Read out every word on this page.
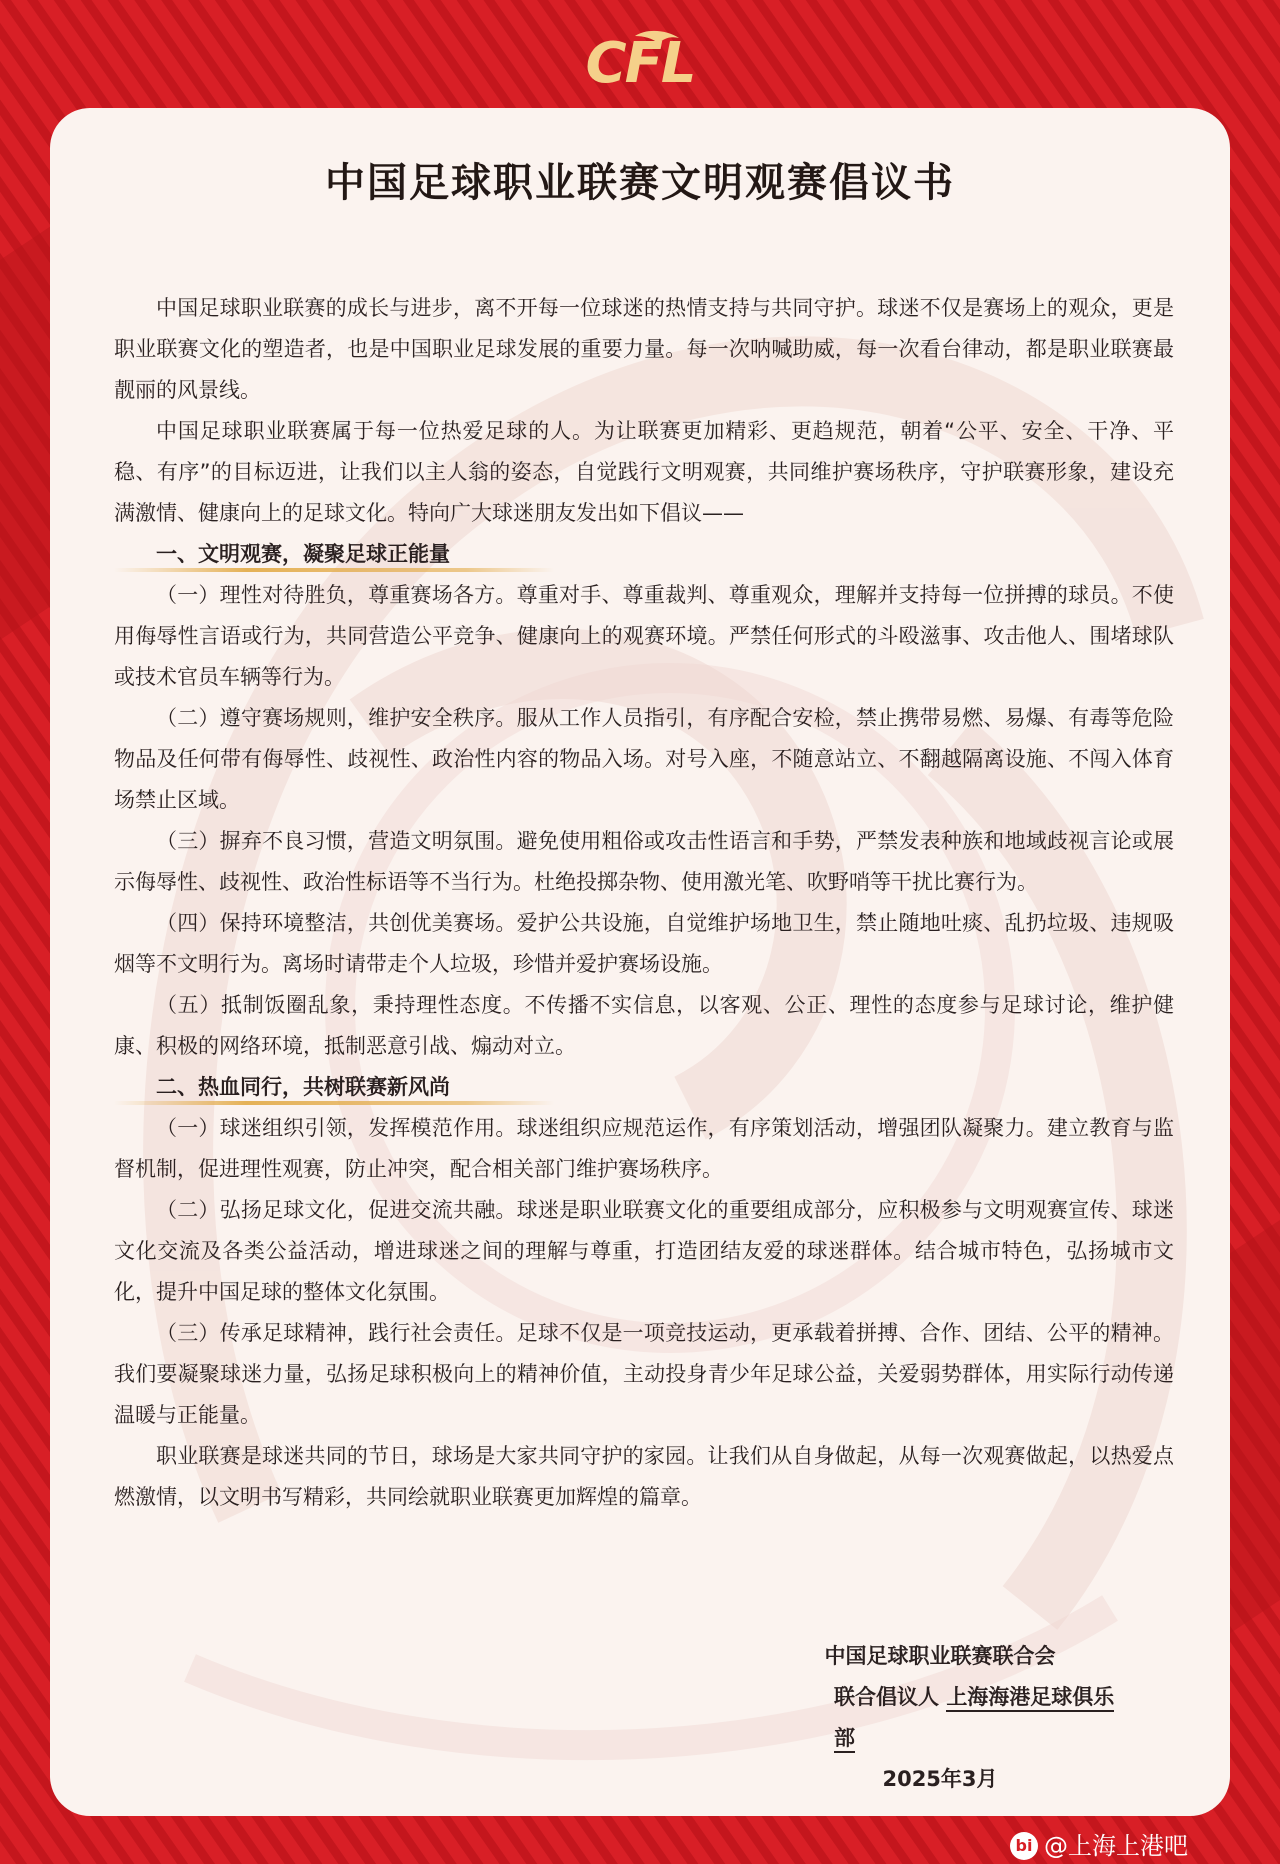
CFL
中国足球职业联赛文明观赛倡议书

中国足球职业联赛的成长与进步，离不开每一位球迷的热情支持与共同守护。球迷不仅是赛场上的观众，更是职业联赛文化的塑造者，也是中国职业足球发展的重要力量。每一次呐喊助威，每一次看台律动，都是职业联赛最靓丽的风景线。

中国足球职业联赛属于每一位热爱足球的人。为让联赛更加精彩、更趋规范，朝着“公平、安全、干净、平稳、有序”的目标迈进，让我们以主人翁的姿态，自觉践行文明观赛，共同维护赛场秩序，守护联赛形象，建设充满激情、健康向上的足球文化。特向广大球迷朋友发出如下倡议——

一、文明观赛，凝聚足球正能量

（一）理性对待胜负，尊重赛场各方。尊重对手、尊重裁判、尊重观众，理解并支持每一位拼搏的球员。不使用侮辱性言语或行为，共同营造公平竞争、健康向上的观赛环境。严禁任何形式的斗殴滋事、攻击他人、围堵球队或技术官员车辆等行为。

（二）遵守赛场规则，维护安全秩序。服从工作人员指引，有序配合安检，禁止携带易燃、易爆、有毒等危险物品及任何带有侮辱性、歧视性、政治性内容的物品入场。对号入座，不随意站立、不翻越隔离设施、不闯入体育场禁止区域。

（三）摒弃不良习惯，营造文明氛围。避免使用粗俗或攻击性语言和手势，严禁发表种族和地域歧视言论或展示侮辱性、歧视性、政治性标语等不当行为。杜绝投掷杂物、使用激光笔、吹野哨等干扰比赛行为。

（四）保持环境整洁，共创优美赛场。爱护公共设施，自觉维护场地卫生，禁止随地吐痰、乱扔垃圾、违规吸烟等不文明行为。离场时请带走个人垃圾，珍惜并爱护赛场设施。

（五）抵制饭圈乱象，秉持理性态度。不传播不实信息，以客观、公正、理性的态度参与足球讨论，维护健康、积极的网络环境，抵制恶意引战、煽动对立。

二、热血同行，共树联赛新风尚

（一）球迷组织引领，发挥模范作用。球迷组织应规范运作，有序策划活动，增强团队凝聚力。建立教育与监督机制，促进理性观赛，防止冲突，配合相关部门维护赛场秩序。

（二）弘扬足球文化，促进交流共融。球迷是职业联赛文化的重要组成部分，应积极参与文明观赛宣传、球迷文化交流及各类公益活动，增进球迷之间的理解与尊重，打造团结友爱的球迷群体。结合城市特色，弘扬城市文化，提升中国足球的整体文化氛围。

（三）传承足球精神，践行社会责任。足球不仅是一项竞技运动，更承载着拼搏、合作、团结、公平的精神。我们要凝聚球迷力量，弘扬足球积极向上的精神价值，主动投身青少年足球公益，关爱弱势群体，用实际行动传递温暖与正能量。

职业联赛是球迷共同的节日，球场是大家共同守护的家园。让我们从自身做起，从每一次观赛做起，以热爱点燃激情，以文明书写精彩，共同绘就职业联赛更加辉煌的篇章。

中国足球职业联赛联合会
联合倡议人 上海海港足球俱乐部
2025年3月
bi @上海上港吧
